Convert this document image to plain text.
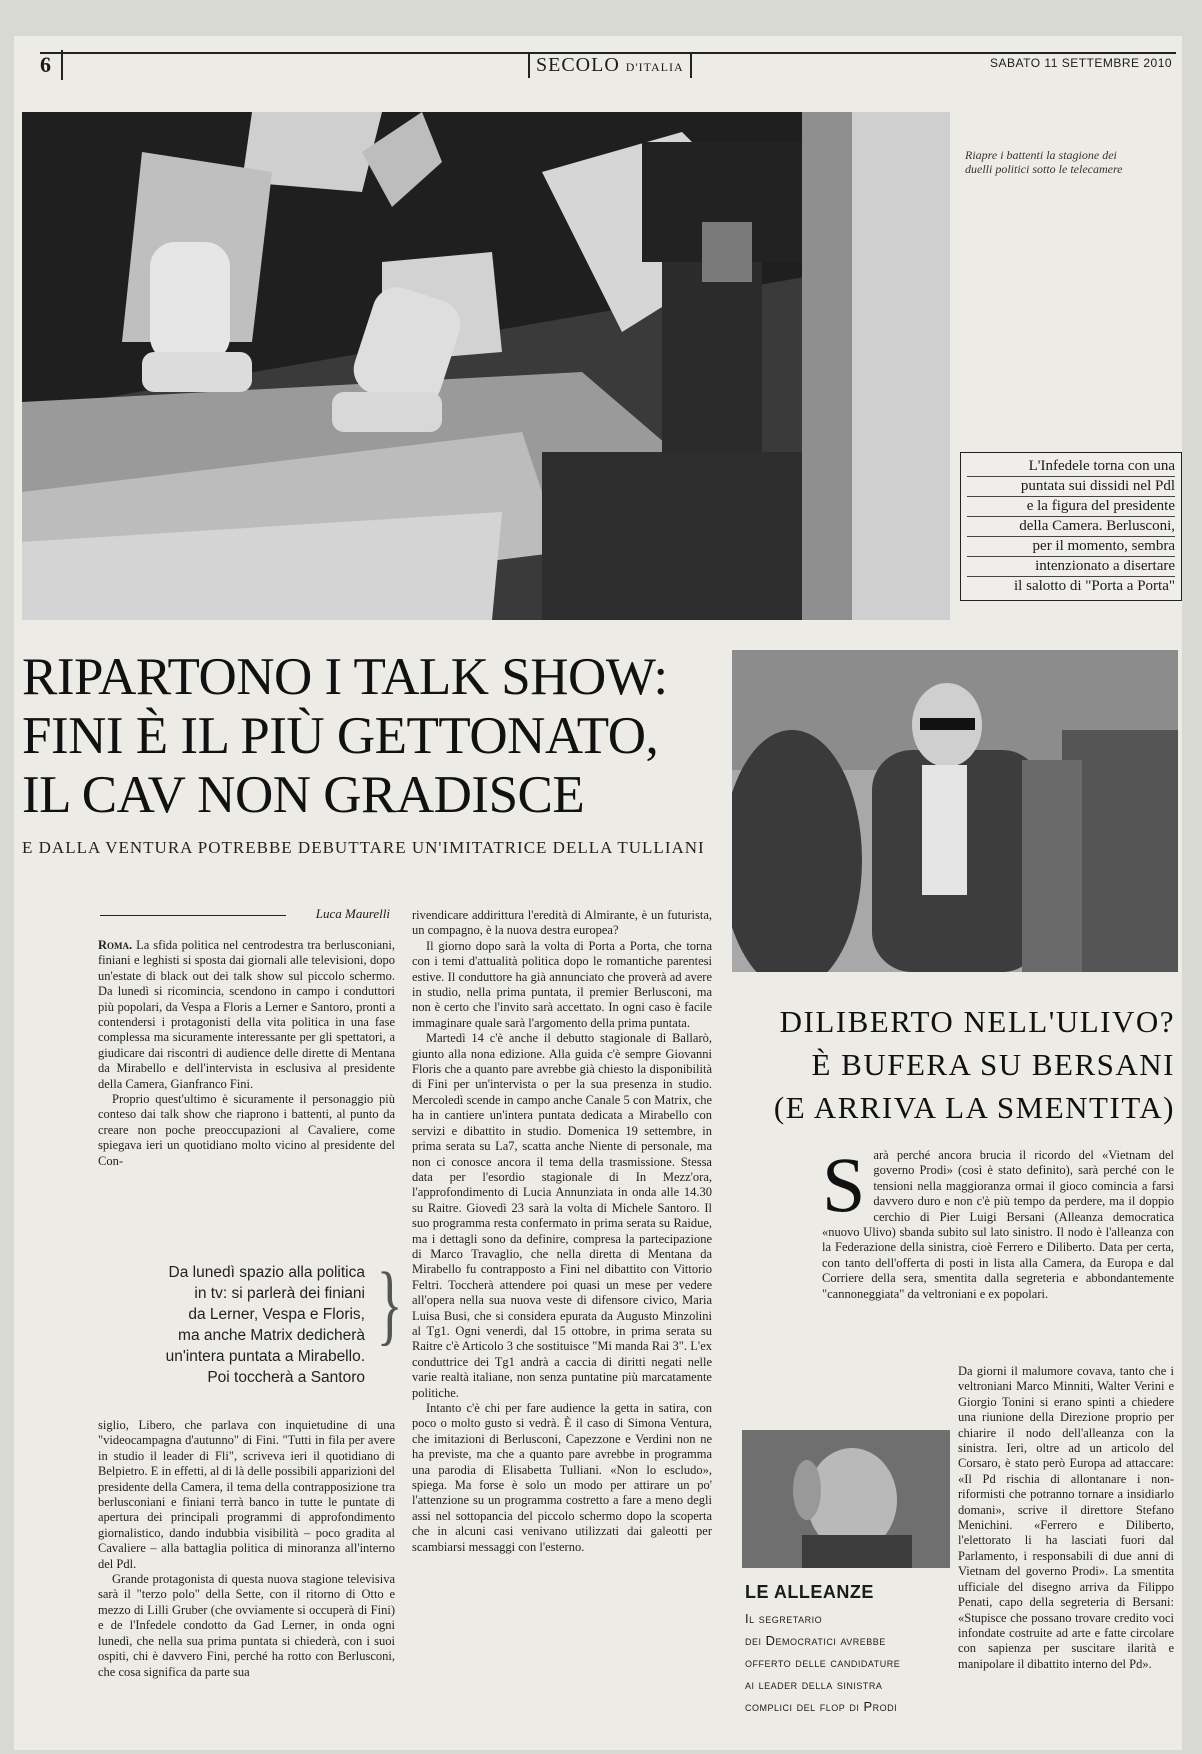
6	SECOLO D'ITALIA	SABATO 11 SETTEMBRE 2010
Riapre i battenti la stagione dei duelli politici sotto le telecamere
L'Infedele torna con una
puntata sui dissidi nel Pdl
e la figura del presidente
della Camera. Berlusconi,
per il momento, sembra
intenzionato a disertare
il salotto di "Porta a Porta"
RIPARTONO I TALK SHOW:
FINI È IL PIÙ GETTONATO,
IL CAV NON GRADISCE
E DALLA VENTURA POTREBBE DEBUTTARE UN'IMITATRICE DELLA TULLIANI
Luca Maurelli

Roma. La sfida politica nel centrodestra tra berlusconiani, finiani e leghisti si sposta dai giornali alle televisioni, dopo un'estate di black out dei talk show sul piccolo schermo. Da lunedì si ricomincia, scendono in campo i conduttori più popolari, da Vespa a Floris a Lerner e Santoro, pronti a contendersi i protagonisti della vita politica in una fase complessa ma sicuramente interessante per gli spettatori, a giudicare dai riscontri di audience delle dirette di Mentana da Mirabello e dell'intervista in esclusiva al presidente della Camera, Gianfranco Fini.

Proprio quest'ultimo è sicuramente il personaggio più conteso dai talk show che riaprono i battenti, al punto da creare non poche preoccupazioni al Cavaliere, come spiegava ieri un quotidiano molto vicino al presidente del Con-

Da lunedì spazio alla politica
in tv: si parlerà dei finiani
da Lerner, Vespa e Floris,
ma anche Matrix dedicherà
un'intera puntata a Mirabello.
Poi toccherà a Santoro
}

siglio, Libero, che parlava con inquietudine di una "videocampagna d'autunno" di Fini. "Tutti in fila per avere in studio il leader di Fli", scriveva ieri il quotidiano di Belpietro. E in effetti, al di là delle possibili apparizioni del presidente della Camera, il tema della contrapposizione tra berlusconiani e finiani terrà banco in tutte le puntate di apertura dei principali programmi di approfondimento giornalistico, dando indubbia visibilità – poco gradita al Cavaliere – alla battaglia politica di minoranza all'interno del Pdl.

Grande protagonista di questa nuova stagione televisiva sarà il "terzo polo" della Sette, con il ritorno di Otto e mezzo di Lilli Gruber (che ovviamente si occuperà di Fini) e de l'Infedele condotto da Gad Lerner, in onda ogni lunedì, che nella sua prima puntata si chiederà, con i suoi ospiti, chi è davvero Fini, perché ha rotto con Berlusconi, che cosa significa da parte sua

rivendicare addirittura l'eredità di Almirante, è un futurista, un compagno, è la nuova destra europea?

Il giorno dopo sarà la volta di Porta a Porta, che torna con i temi d'attualità politica dopo le romantiche parentesi estive. Il conduttore ha già annunciato che proverà ad avere in studio, nella prima puntata, il premier Berlusconi, ma non è certo che l'invito sarà accettato. In ogni caso è facile immaginare quale sarà l'argomento della prima puntata.

Martedì 14 c'è anche il debutto stagionale di Ballarò, giunto alla nona edizione. Alla guida c'è sempre Giovanni Floris che a quanto pare avrebbe già chiesto la disponibilità di Fini per un'intervista o per la sua presenza in studio. Mercoledì scende in campo anche Canale 5 con Matrix, che ha in cantiere un'intera puntata dedicata a Mirabello con servizi e dibattito in studio. Domenica 19 settembre, in prima serata su La7, scatta anche Niente di personale, ma non ci conosce ancora il tema della trasmissione. Stessa data per l'esordio stagionale di In Mezz'ora, l'approfondimento di Lucia Annunziata in onda alle 14.30 su Raitre. Giovedì 23 sarà la volta di Michele Santoro. Il suo programma resta confermato in prima serata su Raidue, ma i dettagli sono da definire, compresa la partecipazione di Marco Travaglio, che nella diretta di Mentana da Mirabello fu contrapposto a Fini nel dibattito con Vittorio Feltri. Toccherà attendere poi quasi un mese per vedere all'opera nella sua nuova veste di difensore civico, Maria Luisa Busi, che si considera epurata da Augusto Minzolini al Tg1. Ogni venerdì, dal 15 ottobre, in prima serata su Raitre c'è Articolo 3 che sostituisce "Mi manda Rai 3". L'ex conduttrice dei Tg1 andrà a caccia di diritti negati nelle varie realtà italiane, non senza puntatine più marcatamente politiche.

Intanto c'è chi per fare audience la getta in satira, con poco o molto gusto si vedrà. È il caso di Simona Ventura, che imitazioni di Berlusconi, Capezzone e Verdini non ne ha previste, ma che a quanto pare avrebbe in programma una parodia di Elisabetta Tulliani. «Non lo escludo», spiega. Ma forse è solo un modo per attirare un po' l'attenzione su un programma costretto a fare a meno degli assi nel sottopancia del piccolo schermo dopo la scoperta che in alcuni casi venivano utilizzati dai galeotti per scambiarsi messaggi con l'esterno.

DILIBERTO NELL'ULIVO?
È BUFERA SU BERSANI
(E ARRIVA LA SMENTITA)

Sarà perché ancora brucia il ricordo del «Vietnam del governo Prodi» (così è stato definito), sarà perché con le tensioni nella maggioranza ormai il gioco comincia a farsi davvero duro e non c'è più tempo da perdere, ma il doppio cerchio di Pier Luigi Bersani (Alleanza democratica «nuovo Ulivo) sbanda subito sul lato sinistro. Il nodo è l'alleanza con la Federazione della sinistra, cioè Ferrero e Diliberto. Data per certa, con tanto dell'offerta di posti in lista alla Camera, da Europa e dal Corriere della sera, smentita dalla segreteria e abbondantemente "cannoneggiata" da veltroniani e ex popolari.

Da giorni il malumore covava, tanto che i veltroniani Marco Minniti, Walter Verini e Giorgio Tonini si erano spinti a chiedere una riunione della Direzione proprio per chiarire il nodo dell'alleanza con la sinistra. Ieri, oltre ad un articolo del Corsaro, è stato però Europa ad attaccare: «Il Pd rischia di allontanare i non-riformisti che potranno tornare a insidiarlo domani», scrive il direttore Stefano Menichini. «Ferrero e Diliberto, l'elettorato li ha lasciati fuori dal Parlamento, i responsabili di due anni di Vietnam del governo Prodi». La smentita ufficiale del disegno arriva da Filippo Penati, capo della segreteria di Bersani: «Stupisce che possano trovare credito voci infondate costruite ad arte e fatte circolare con sapienza per suscitare ilarità e manipolare il dibattito interno del Pd».

LE ALLEANZE
Il segretario
dei Democratici avrebbe
offerto delle candidature
ai leader della sinistra
complici del flop di Prodi
